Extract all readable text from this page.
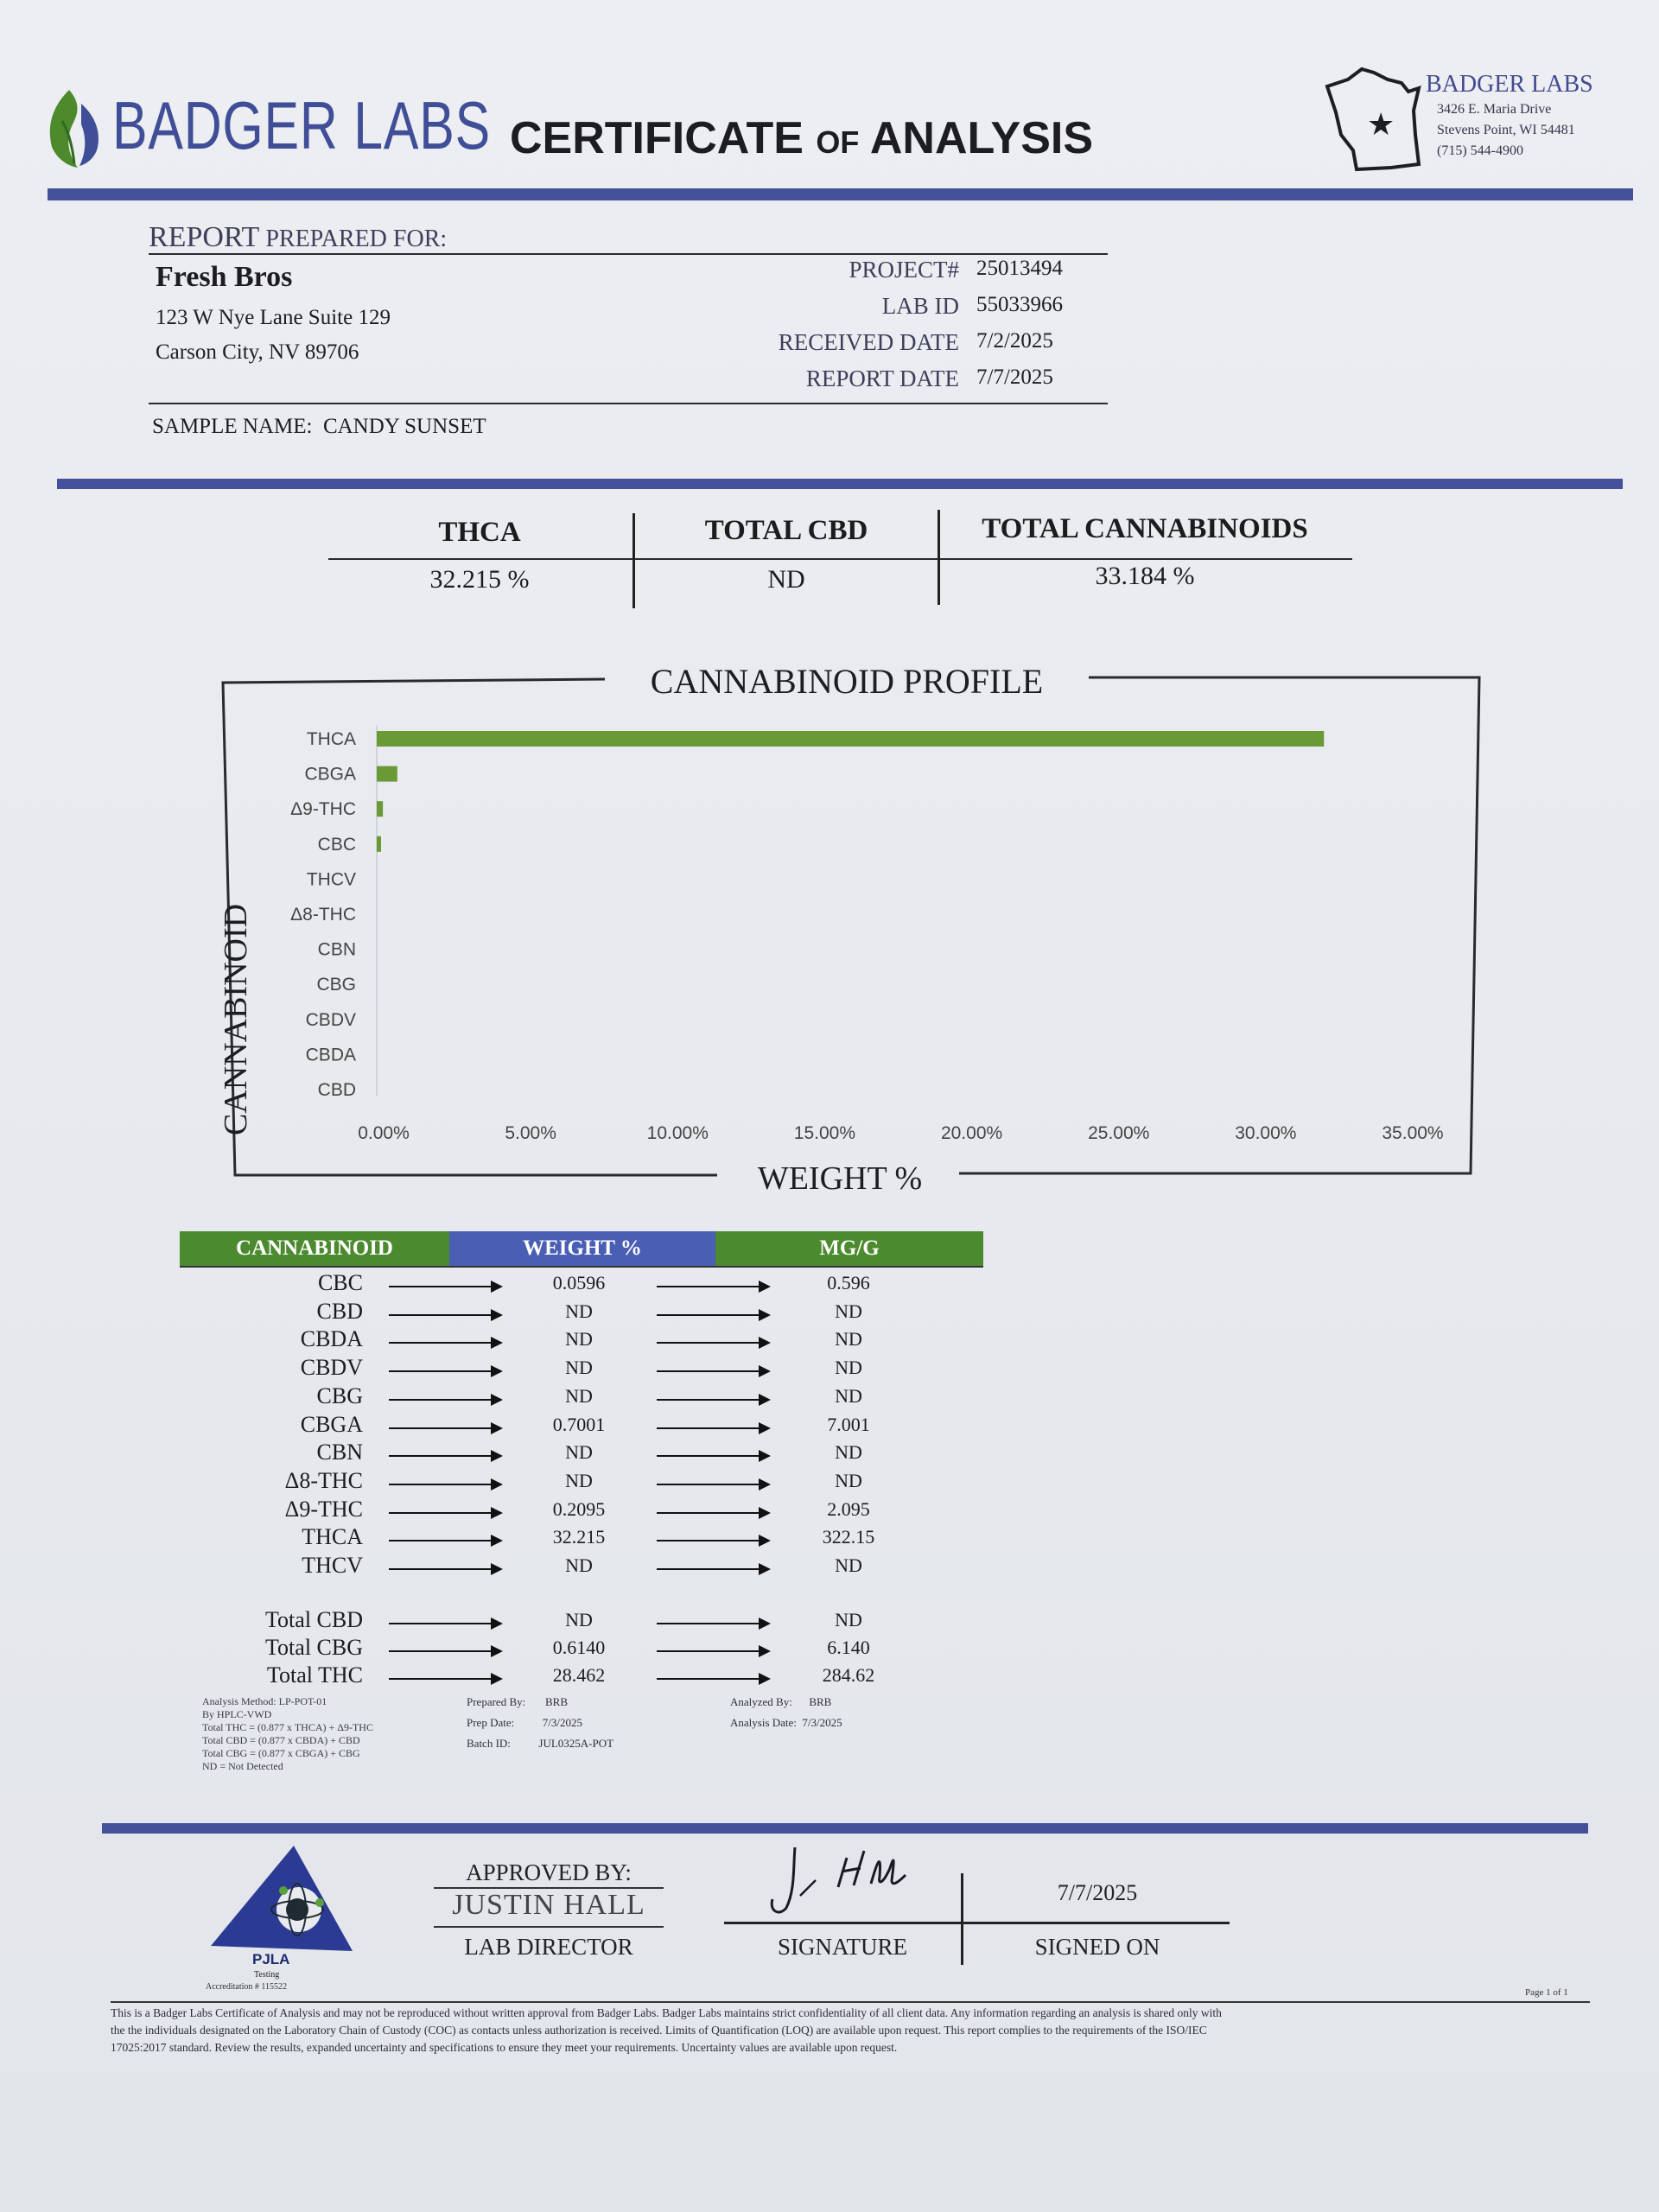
BADGER LABS CERTIFICATE OF ANALYSIS	★
BADGER LABS
3426 E. Maria Drive
Stevens Point, WI 54481
(715) 544-4900
REPORT PREPARED FOR:
Fresh Bros
123 W Nye Lane Suite 129
Carson City, NV 89706
PROJECT# 25013494
LAB ID 55033966
RECEIVED DATE 7/2/2025
REPORT DATE 7/7/2025
SAMPLE NAME: CANDY SUNSET
THCA	TOTAL CBD	TOTAL CANNABINOIDS
32.215 %	ND	33.184 %
CANNABINOID PROFILE
WEIGHT %
CANNABINOID
THCA
CBGA
Δ9-THC
CBC
THCV
Δ8-THC
CBN
CBG
CBDV
CBDA
CBD
0.00%	5.00%	10.00%	15.00%	20.00%	25.00%	30.00%	35.00%
CANNABINOID	WEIGHT %	MG/G
CBC	0.0596	0.596
CBD	ND	ND
CBDA	ND	ND
CBDV	ND	ND
CBG	ND	ND
CBGA	0.7001	7.001
CBN	ND	ND
Δ8-THC	ND	ND
Δ9-THC	0.2095	2.095
THCA	32.215	322.15
THCV	ND	ND
Total CBD	ND	ND
Total CBG	0.6140	6.140
Total THC	28.462	284.62
Analysis Method: LP-POT-01
By HPLC-VWD
Total THC = (0.877 x THCA) + Δ9-THC
Total CBD = (0.877 x CBDA) + CBD
Total CBG = (0.877 x CBGA) + CBG
ND = Not Detected
Prepared By: BRB
Prep Date:	7/3/2025
Batch ID:	JUL0325A-POT
Analyzed By: BRB
Analysis Date: 7/3/2025
PJLA
Testing
Accreditation # 115522
APPROVED BY:
JUSTIN HALL
LAB DIRECTOR	SIGNATURE
7/7/2025
SIGNED ON
Page 1 of 1
This is a Badger Labs Certificate of Analysis and may not be reproduced without written approval from Badger Labs. Badger Labs maintains strict confidentiality of all client data. Any information regarding an analysis is shared only with
the the individuals designated on the Laboratory Chain of Custody (COC) as contacts unless authorization is received. Limits of Quantification (LOQ) are available upon request. This report complies to the requirements of the ISO/IEC
17025:2017 standard. Review the results, expanded uncertainty and specifications to ensure they meet your requirements. Uncertainty values are available upon request.
